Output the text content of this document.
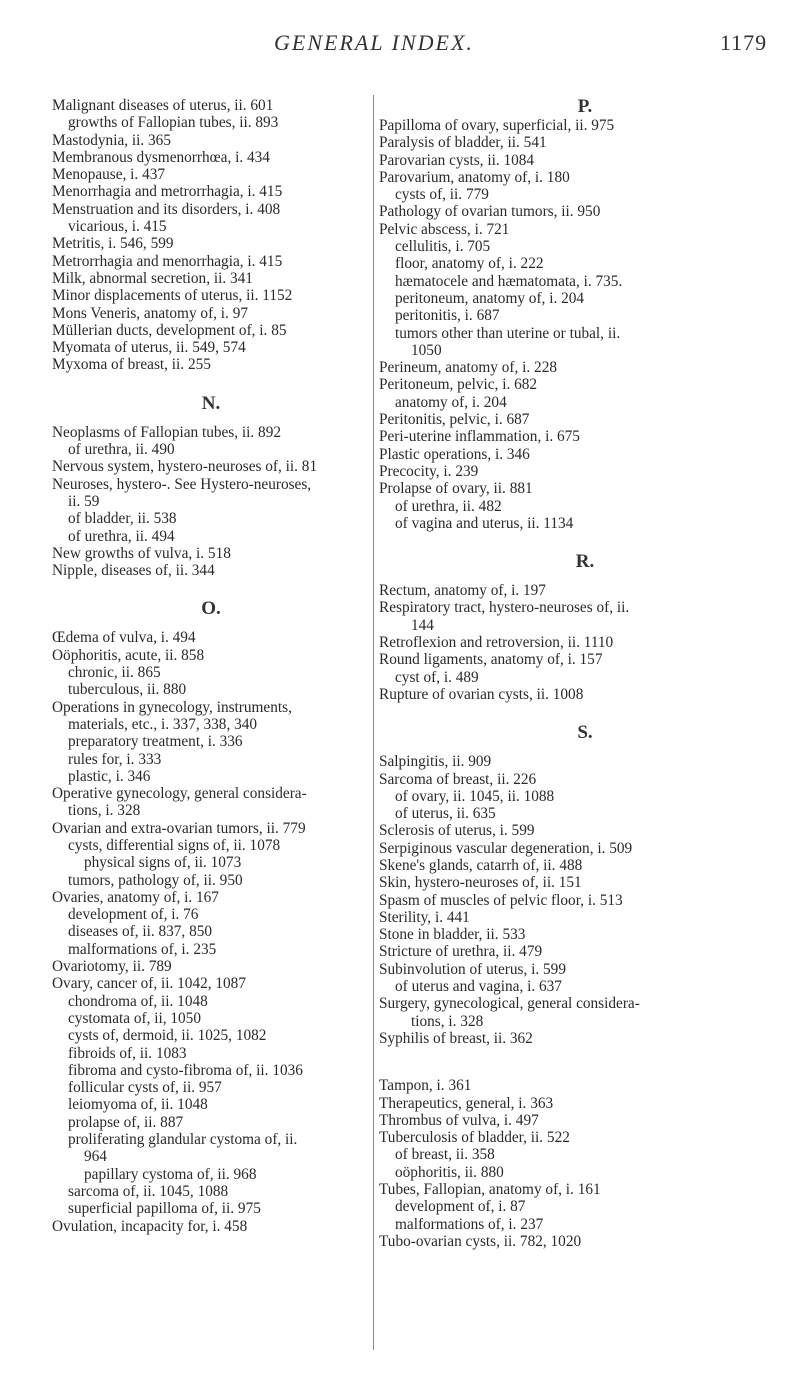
GENERAL INDEX.	1179
Malignant diseases of uterus, ii. 601
growths of Fallopian tubes, ii. 893
Mastodynia, ii. 365
Membranous dysmenorrhœa, i. 434
Menopause, i. 437
Menorrhagia and metrorrhagia, i. 415
Menstruation and its disorders, i. 408
vicarious, i. 415
Metritis, i. 546, 599
Metrorrhagia and menorrhagia, i. 415
Milk, abnormal secretion, ii. 341
Minor displacements of uterus, ii. 1152
Mons Veneris, anatomy of, i. 97
Müllerian ducts, development of, i. 85
Myomata of uterus, ii. 549, 574
Myxoma of breast, ii. 255
N.
Neoplasms of Fallopian tubes, ii. 892
of urethra, ii. 490
Nervous system, hystero-neuroses of, ii. 81
Neuroses, hystero-. See Hystero-neuroses,
ii. 59
of bladder, ii. 538
of urethra, ii. 494
New growths of vulva, i. 518
Nipple, diseases of, ii. 344
O.
Œdema of vulva, i. 494
Oöphoritis, acute, ii. 858
chronic, ii. 865
tuberculous, ii. 880
Operations in gynecology, instruments,
materials, etc., i. 337, 338, 340
preparatory treatment, i. 336
rules for, i. 333
plastic, i. 346
Operative gynecology, general considera-
tions, i. 328
Ovarian and extra-ovarian tumors, ii. 779
cysts, differential signs of, ii. 1078
physical signs of, ii. 1073
tumors, pathology of, ii. 950
Ovaries, anatomy of, i. 167
development of, i. 76
diseases of, ii. 837, 850
malformations of, i. 235
Ovariotomy, ii. 789
Ovary, cancer of, ii. 1042, 1087
chondroma of, ii. 1048
cystomata of, ii, 1050
cysts of, dermoid, ii. 1025, 1082
fibroids of, ii. 1083
fibroma and cysto-fibroma of, ii. 1036
follicular cysts of, ii. 957
leiomyoma of, ii. 1048
prolapse of, ii. 887
proliferating glandular cystoma of, ii.
964
papillary cystoma of, ii. 968
sarcoma of, ii. 1045, 1088
superficial papilloma of, ii. 975
Ovulation, incapacity for, i. 458
P.
Papilloma of ovary, superficial, ii. 975
Paralysis of bladder, ii. 541
Parovarian cysts, ii. 1084
Parovarium, anatomy of, i. 180
cysts of, ii. 779
Pathology of ovarian tumors, ii. 950
Pelvic abscess, i. 721
cellulitis, i. 705
floor, anatomy of, i. 222
hæmatocele and hæmatomata, i. 735.
peritoneum, anatomy of, i. 204
peritonitis, i. 687
tumors other than uterine or tubal, ii.
1050
Perineum, anatomy of, i. 228
Peritoneum, pelvic, i. 682
anatomy of, i. 204
Peritonitis, pelvic, i. 687
Peri-uterine inflammation, i. 675
Plastic operations, i. 346
Precocity, i. 239
Prolapse of ovary, ii. 881
of urethra, ii. 482
of vagina and uterus, ii. 1134
R.
Rectum, anatomy of, i. 197
Respiratory tract, hystero-neuroses of, ii.
144
Retroflexion and retroversion, ii. 1110
Round ligaments, anatomy of, i. 157
cyst of, i. 489
Rupture of ovarian cysts, ii. 1008
S.
Salpingitis, ii. 909
Sarcoma of breast, ii. 226
of ovary, ii. 1045, ii. 1088
of uterus, ii. 635
Sclerosis of uterus, i. 599
Serpiginous vascular degeneration, i. 509
Skene's glands, catarrh of, ii. 488
Skin, hystero-neuroses of, ii. 151
Spasm of muscles of pelvic floor, i. 513
Sterility, i. 441
Stone in bladder, ii. 533
Stricture of urethra, ii. 479
Subinvolution of uterus, i. 599
of uterus and vagina, i. 637
Surgery, gynecological, general considera-
tions, i. 328
Syphilis of breast, ii. 362
Tampon, i. 361
Therapeutics, general, i. 363
Thrombus of vulva, i. 497
Tuberculosis of bladder, ii. 522
of breast, ii. 358
oöphoritis, ii. 880
Tubes, Fallopian, anatomy of, i. 161
development of, i. 87
malformations of, i. 237
Tubo-ovarian cysts, ii. 782, 1020
